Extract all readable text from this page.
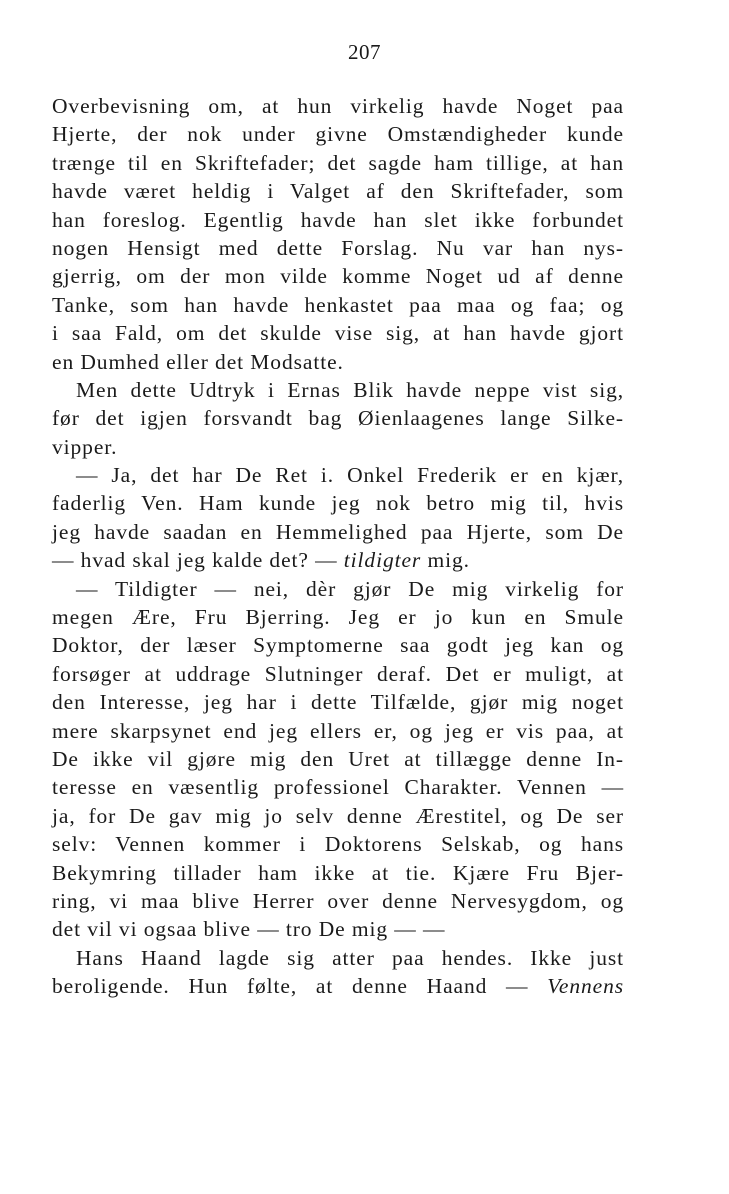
207
Overbevisning om, at hun virkelig havde Noget paa
Hjerte, der nok under givne Omstændigheder kunde
trænge til en Skriftefader; det sagde ham tillige, at han
havde været heldig i Valget af den Skriftefader, som
han foreslog. Egentlig havde han slet ikke forbundet
nogen Hensigt med dette Forslag. Nu var han nys-
gjerrig, om der mon vilde komme Noget ud af denne
Tanke, som han havde henkastet paa maa og faa; og
i saa Fald, om det skulde vise sig, at han havde gjort
en Dumhed eller det Modsatte.
Men dette Udtryk i Ernas Blik havde neppe vist sig,
før det igjen forsvandt bag Øienlaagenes lange Silke-
vipper.
— Ja, det har De Ret i. Onkel Frederik er en kjær,
faderlig Ven. Ham kunde jeg nok betro mig til, hvis
jeg havde saadan en Hemmelighed paa Hjerte, som De
— hvad skal jeg kalde det? — tildigter mig.
— Tildigter — nei, dèr gjør De mig virkelig for
megen Ære, Fru Bjerring. Jeg er jo kun en Smule
Doktor, der læser Symptomerne saa godt jeg kan og
forsøger at uddrage Slutninger deraf. Det er muligt, at
den Interesse, jeg har i dette Tilfælde, gjør mig noget
mere skarpsynet end jeg ellers er, og jeg er vis paa, at
De ikke vil gjøre mig den Uret at tillægge denne In-
teresse en væsentlig professionel Charakter. Vennen —
ja, for De gav mig jo selv denne Ærestitel, og De ser
selv: Vennen kommer i Doktorens Selskab, og hans
Bekymring tillader ham ikke at tie. Kjære Fru Bjer-
ring, vi maa blive Herrer over denne Nervesygdom, og
det vil vi ogsaa blive — tro De mig — —
Hans Haand lagde sig atter paa hendes. Ikke just
beroligende. Hun følte, at denne Haand — Vennens
